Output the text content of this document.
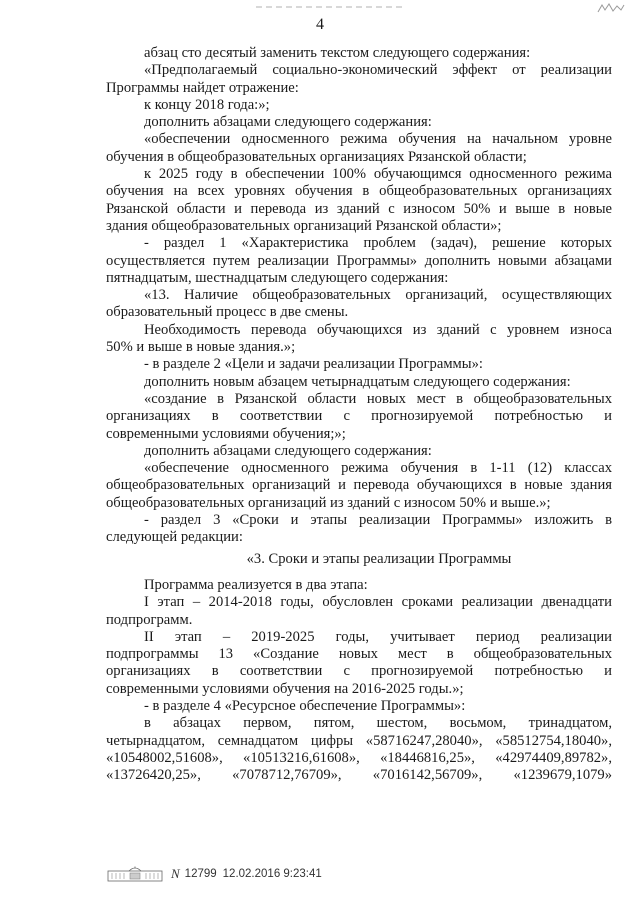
4

абзац сто десятый заменить текстом следующего содержания:

«Предполагаемый социально-экономический эффект от реализации

Программы найдет отражение:

к концу 2018 года:»;

дополнить абзацами следующего содержания:

«обеспечении односменного режима обучения на начальном уровне

обучения в общеобразовательных организациях Рязанской области;

к 2025 году в обеспечении 100% обучающимся односменного режима

обучения на всех уровнях обучения в общеобразовательных организациях

Рязанской области и перевода из зданий с износом 50% и выше в новые

здания общеобразовательных организаций Рязанской области»;

- раздел 1 «Характеристика проблем (задач), решение которых

осуществляется путем реализации Программы» дополнить новыми абзацами

пятнадцатым, шестнадцатым следующего содержания:

«13. Наличие общеобразовательных организаций, осуществляющих

образовательный процесс в две смены.

Необходимость перевода обучающихся из зданий с уровнем износа

50% и выше в новые здания.»;

- в разделе 2 «Цели и задачи реализации Программы»:

дополнить новым абзацем четырнадцатым следующего содержания:

«создание в Рязанской области новых мест в общеобразовательных

организациях в соответствии с прогнозируемой потребностью и

современными условиями обучения;»;

дополнить абзацами следующего содержания:

«обеспечение односменного режима обучения в 1-11 (12) классах

общеобразовательных организаций и перевода обучающихся в новые здания

общеобразовательных организаций из зданий с износом 50% и выше.»;

- раздел 3 «Сроки и этапы реализации Программы» изложить в

следующей редакции:

«3. Сроки и этапы реализации Программы

Программа реализуется в два этапа:

I этап – 2014-2018 годы, обусловлен сроками реализации двенадцати

подпрограмм.

II этап – 2019-2025 годы, учитывает период реализации

подпрограммы 13 «Создание новых мест в общеобразовательных

организациях в соответствии с прогнозируемой потребностью и

современными условиями обучения на 2016-2025 годы.»;

- в разделе 4 «Ресурсное обеспечение Программы»:

в абзацах первом, пятом, шестом, восьмом, тринадцатом,

четырнадцатом, семнадцатом цифры «58716247,28040», «58512754,18040»,

«10548002,51608», «10513216,61608», «18446816,25», «42974409,89782»,

«13726420,25», «7078712,76709», «7016142,56709», «1239679,1079»

N 12799 12.02.2016 9:23:41
